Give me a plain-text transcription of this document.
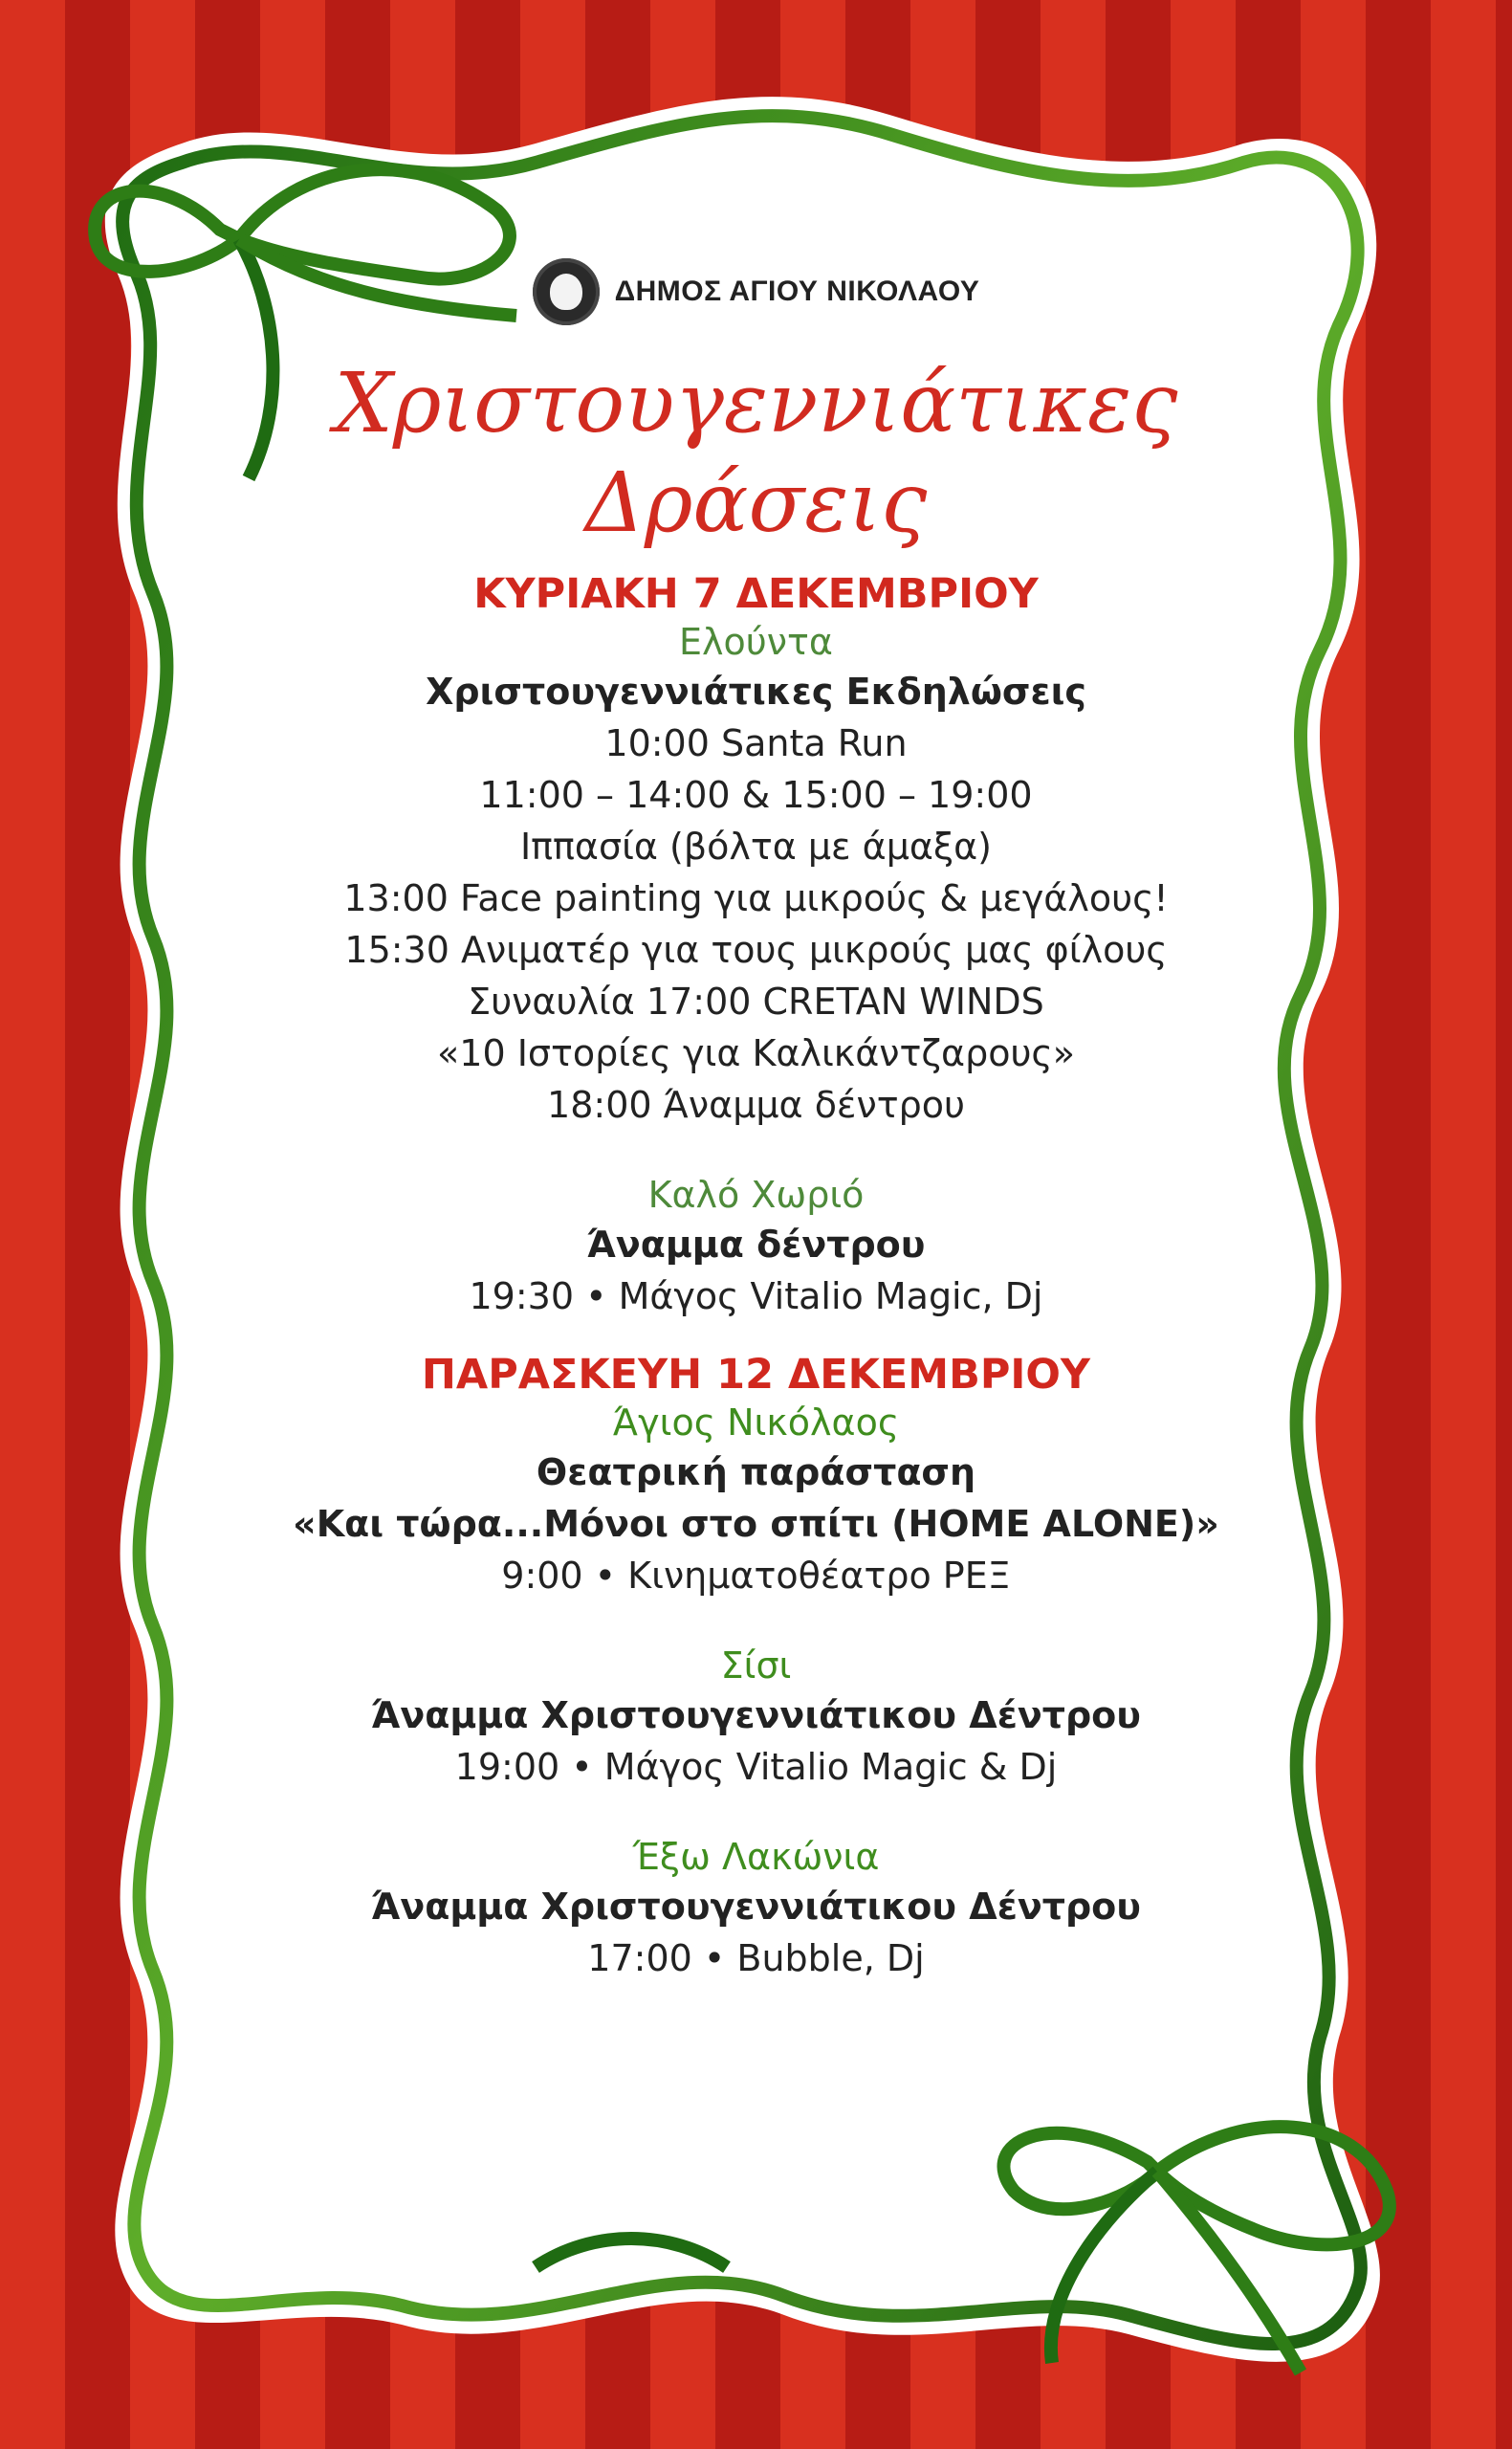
ΔΗΜΟΣ ΑΓΙΟΥ ΝΙΚΟΛΑΟΥ
Χριστουγεννιάτικες
Δράσεις
ΚΥΡΙΑΚΗ 7 ΔΕΚΕΜΒΡΙΟΥ
Ελούντα
Χριστουγεννιάτικες Εκδηλώσεις
10:00 Santa Run
11:00 – 14:00 & 15:00 – 19:00
Ιππασία (βόλτα με άμαξα)
13:00 Face painting για μικρούς & μεγάλους!
15:30 Ανιματέρ για τους μικρούς μας φίλους
Συναυλία 17:00 CRETAN WINDS
«10 Ιστορίες για Καλικάντζαρους»
18:00 Άναμμα δέντρου
Καλό Χωριό
Άναμμα δέντρου
19:30 • Μάγος Vitalio Magic, Dj
ΠΑΡΑΣΚΕΥΗ 12 ΔΕΚΕΜΒΡΙΟΥ
Άγιος Νικόλαος
Θεατρική παράσταση
«Και τώρα...Μόνοι στο σπίτι (HOME ALONE)»
9:00 • Κινηματοθέατρο ΡΕΞ
Σίσι
Άναμμα Χριστουγεννιάτικου Δέντρου
19:00 • Μάγος Vitalio Magic & Dj
Έξω Λακώνια
Άναμμα Χριστουγεννιάτικου Δέντρου
17:00 • Bubble, Dj
